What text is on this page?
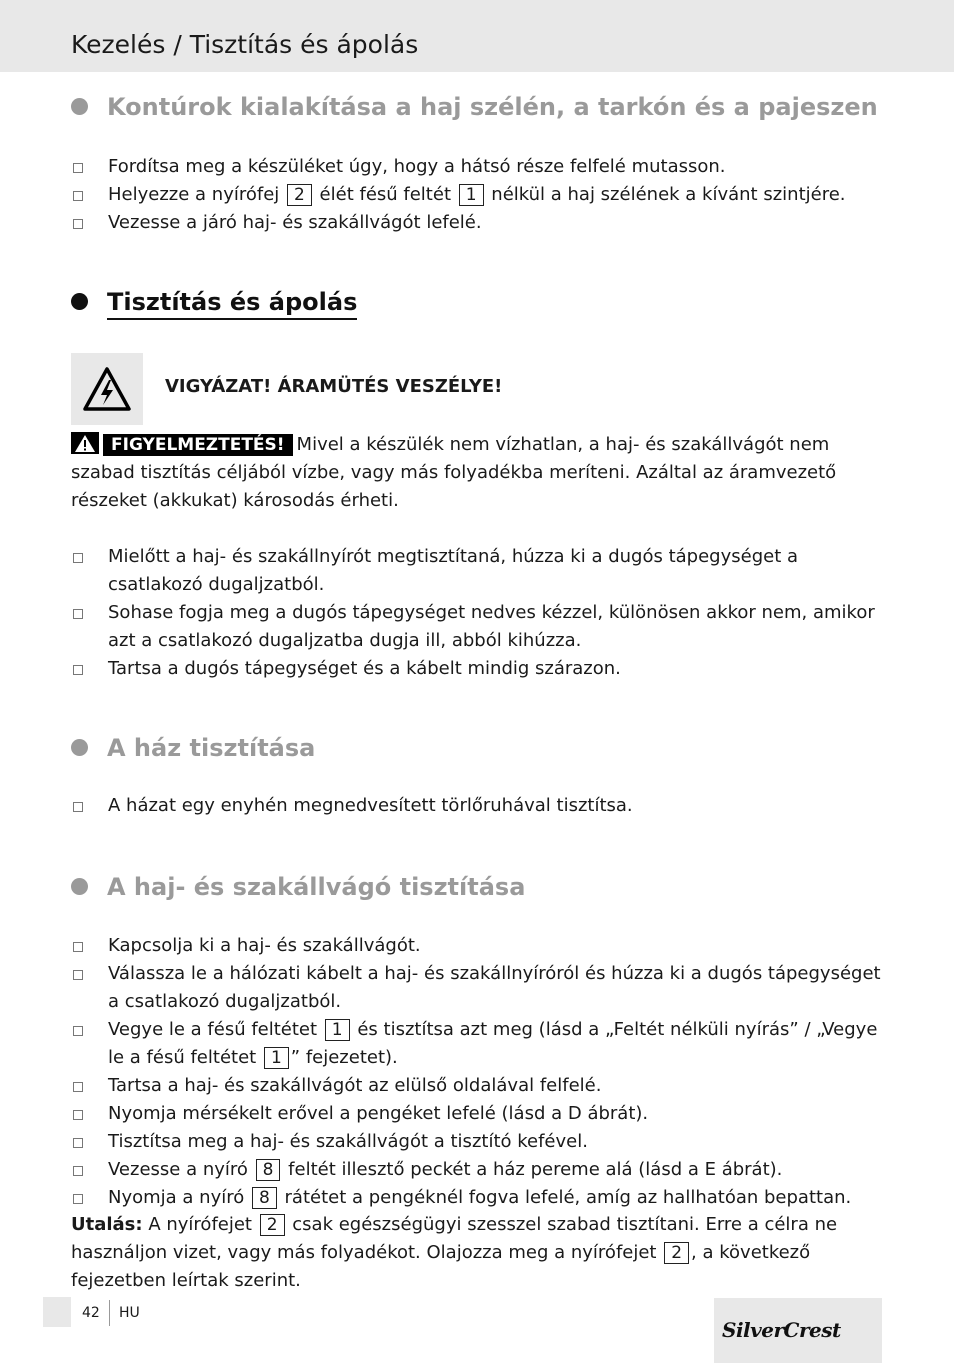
Kezelés / Tisztítás és ápolás
Kontúrok kialakítása a haj szélén, a tarkón és a pajeszen
Fordítsa meg a készüléket úgy, hogy a hátsó része felfelé mutasson.
Helyezze a nyírófej 2 élét fésű feltét 1 nélkül a haj szélének a kívánt szintjére.
Vezesse a járó haj- és szakállvágót lefelé.
Tisztítás és ápolás
VIGYÁZAT! ÁRAMÜTÉS VESZÉLYE!
FIGYELMEZTETÉS! Mivel a készülék nem vízhatlan, a haj- és szakállvágót nem szabad tisztítás céljából vízbe, vagy más folyadékba meríteni. Azáltal az áramvezető részeket (akkukat) károsodás érheti.
Mielőtt a haj- és szakállnyírót megtisztítaná, húzza ki a dugós tápegységet a csatlakozó dugaljzatból.
Sohase fogja meg a dugós tápegységet nedves kézzel, különösen akkor nem, amikor azt a csatlakozó dugaljzatba dugja ill, abból kihúzza.
Tartsa a dugós tápegységet és a kábelt mindig szárazon.
A ház tisztítása
A házat egy enyhén megnedvesített törlőruhával tisztítsa.
A haj- és szakállvágó tisztítása
Kapcsolja ki a haj- és szakállvágót.
Válassza le a hálózati kábelt a haj- és szakállnyíróról és húzza ki a dugós tápegységet a csatlakozó dugaljzatból.
Vegye le a fésű feltétet 1 és tisztítsa azt meg (lásd a „Feltét nélküli nyírás” / „Vegye le a fésű feltétet 1 ” fejezetet).
Tartsa a haj- és szakállvágót az elülső oldalával felfelé.
Nyomja mérsékelt erővel a pengéket lefelé (lásd a D ábrát).
Tisztítsa meg a haj- és szakállvágót a tisztító kefével.
Vezesse a nyíró 8 feltét illesztő peckét a ház pereme alá (lásd a E ábrát).
Nyomja a nyíró 8 rátétet a pengéknél fogva lefelé, amíg az hallhatóan bepattan.
Utalás: A nyírófejet 2 csak egészségügyi szesszel szabad tisztítani. Erre a célra ne használjon vizet, vagy más folyadékot. Olajozza meg a nyírófejet 2 , a következő fejezetben leírtak szerint.
42 HU
SilverCrest
